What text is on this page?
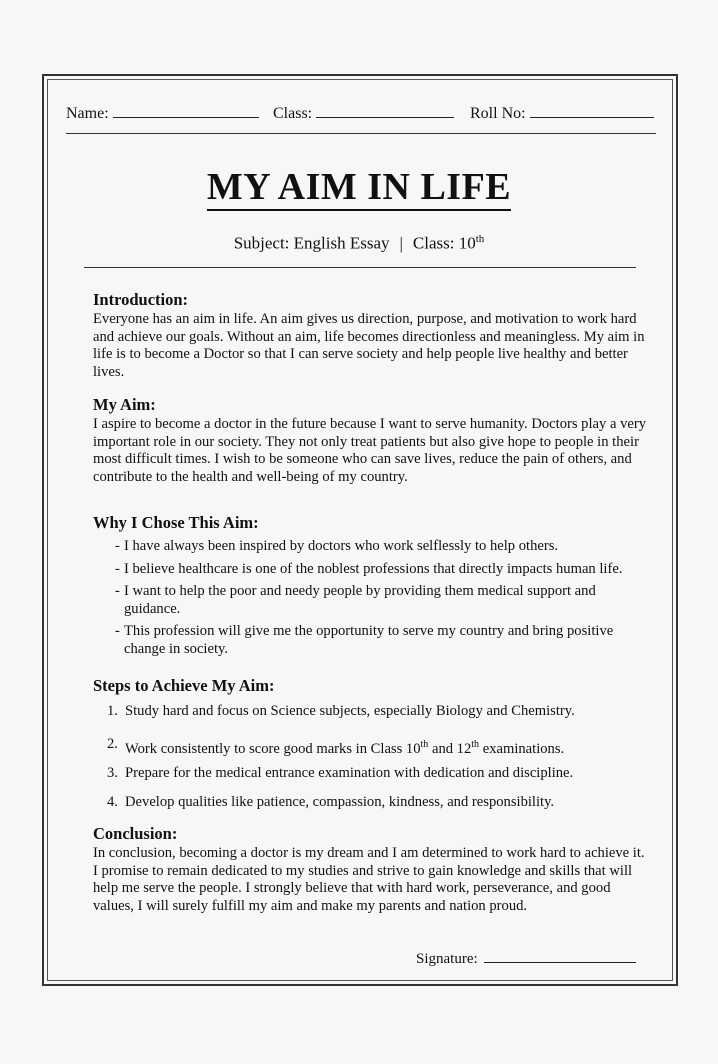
Name:	Class:	Roll No:
MY AIM IN LIFE
Subject: English Essay | Class: 10th
Introduction:

Everyone has an aim in life. An aim gives us direction, purpose, and motivation to work hard and achieve our goals. Without an aim, life becomes directionless and meaningless. My aim in life is to become a Doctor so that I can serve society and help people live healthy and better lives.

My Aim:

I aspire to become a doctor in the future because I want to serve humanity. Doctors play a very important role in our society. They not only treat patients but also give hope to people in their most difficult times. I wish to be someone who can save lives, reduce the pain of others, and contribute to the health and well-being of my country.

Why I Chose This Aim:
- I have always been inspired by doctors who work selflessly to help others.
- I believe healthcare is one of the noblest professions that directly impacts human life.
- I want to help the poor and needy people by providing them medical support and guidance.
- This profession will give me the opportunity to serve my country and bring positive change in society.
Steps to Achieve My Aim:
1. Study hard and focus on Science subjects, especially Biology and Chemistry.
2. Work consistently to score good marks in Class 10th and 12th examinations.
3. Prepare for the medical entrance examination with dedication and discipline.
4. Develop qualities like patience, compassion, kindness, and responsibility.
Conclusion:

In conclusion, becoming a doctor is my dream and I am determined to work hard to achieve it. I promise to remain dedicated to my studies and strive to gain knowledge and skills that will help me serve the people. I strongly believe that with hard work, perseverance, and good values, I will surely fulfill my aim and make my parents and nation proud.

Signature:
